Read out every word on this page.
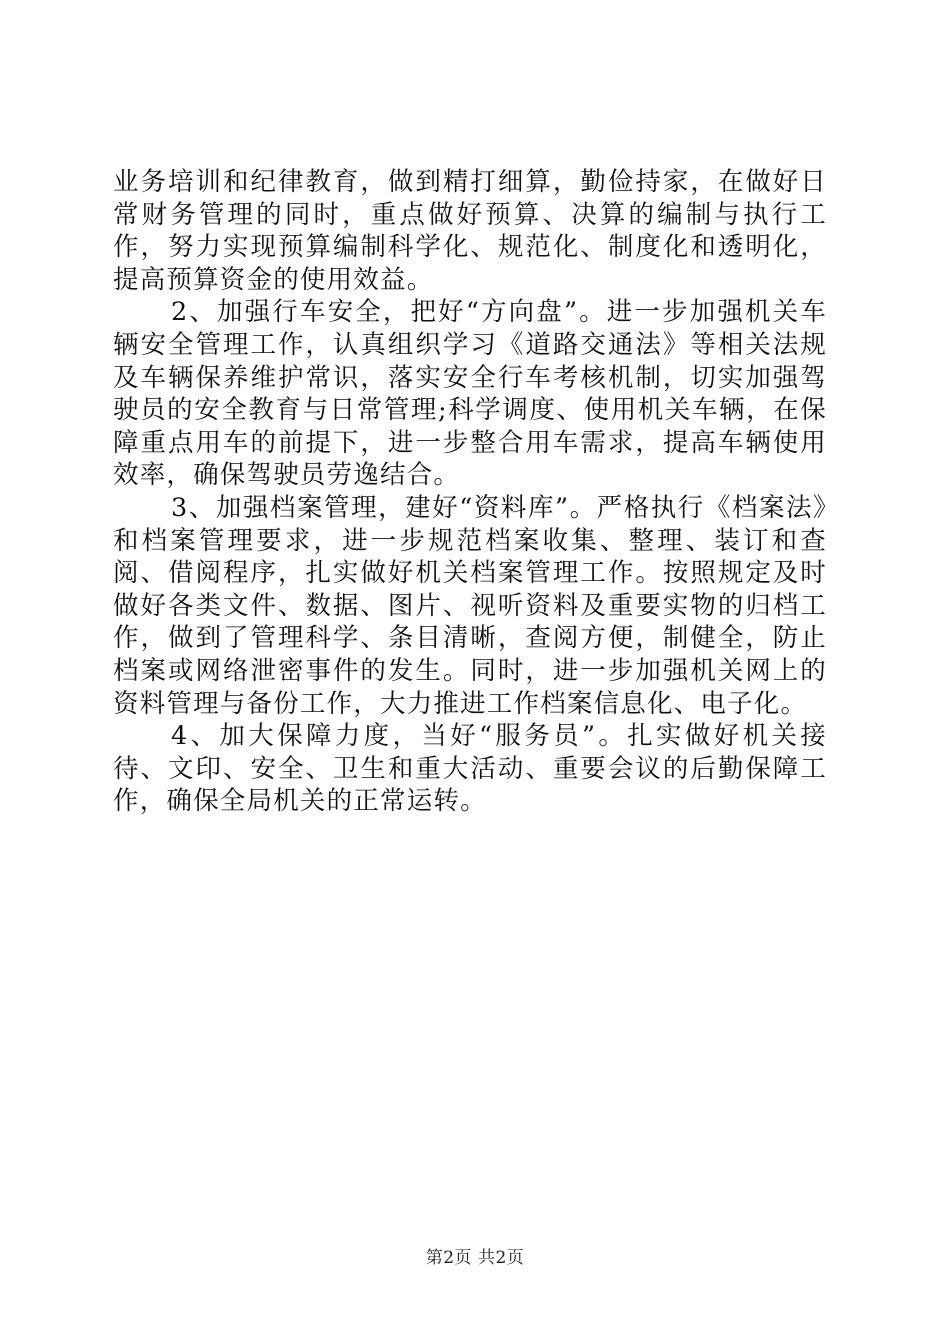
业务培训和纪律教育，做到精打细算，勤俭持家，在做好日常财务管理的同时，重点做好预算、决算的编制与执行工作，努力实现预算编制科学化、规范化、制度化和透明化，提高预算资金的使用效益。

2、加强行车安全，把好“方向盘”。进一步加强机关车辆安全管理工作，认真组织学习《道路交通法》等相关法规及车辆保养维护常识，落实安全行车考核机制，切实加强驾驶员的安全教育与日常管理;科学调度、使用机关车辆，在保障重点用车的前提下，进一步整合用车需求，提高车辆使用效率，确保驾驶员劳逸结合。

3、加强档案管理，建好“资料库”。严格执行《档案法》和档案管理要求，进一步规范档案收集、整理、装订和查阅、借阅程序，扎实做好机关档案管理工作。按照规定及时做好各类文件、数据、图片、视听资料及重要实物的归档工作，做到了管理科学、条目清晰，查阅方便，制健全，防止档案或网络泄密事件的发生。同时，进一步加强机关网上的资料管理与备份工作，大力推进工作档案信息化、电子化。

4、加大保障力度，当好“服务员”。扎实做好机关接待、文印、安全、卫生和重大活动、重要会议的后勤保障工作，确保全局机关的正常运转。

第2页 共2页
